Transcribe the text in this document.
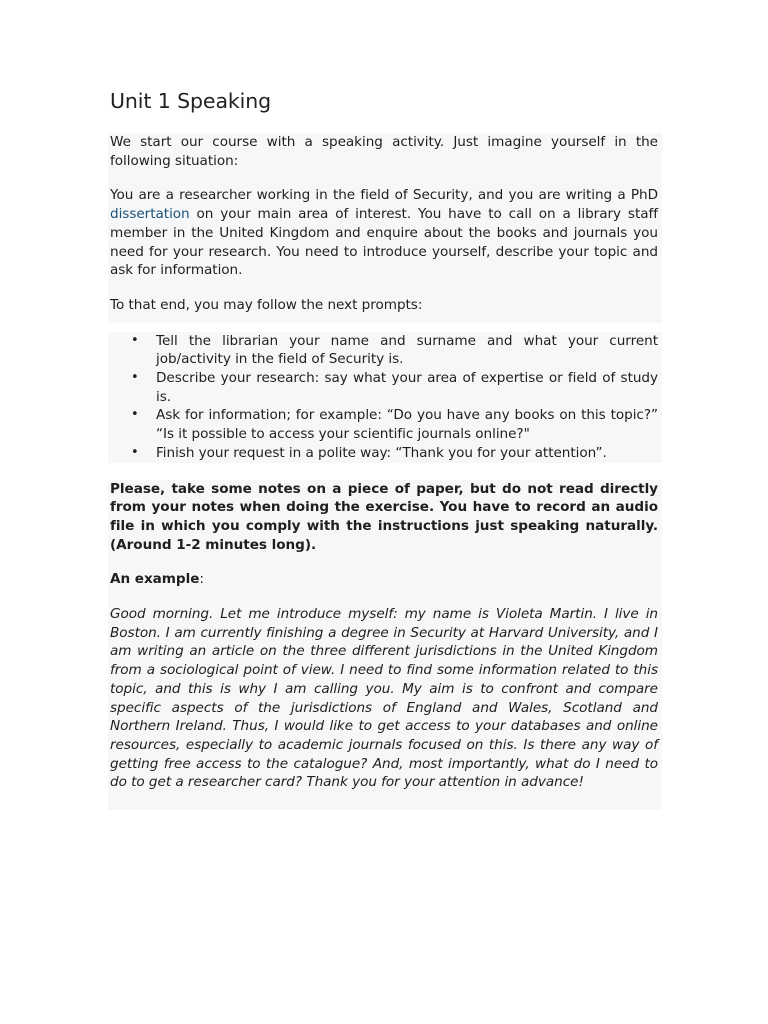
Unit 1 Speaking

We start our course with a speaking activity. Just imagine yourself in the following situation:

You are a researcher working in the field of Security, and you are writing a PhD dissertation on your main area of interest. You have to call on a library staff member in the United Kingdom and enquire about the books and journals you need for your research. You need to introduce yourself, describe your topic and ask for information.

To that end, you may follow the next prompts:

• Tell the librarian your name and surname and what your current job/activity in the field of Security is.
• Describe your research: say what your area of expertise or field of study is.
• Ask for information; for example: “Do you have any books on this topic?” “Is it possible to access your scientific journals online?"
• Finish your request in a polite way: “Thank you for your attention”.

Please, take some notes on a piece of paper, but do not read directly from your notes when doing the exercise. You have to record an audio file in which you comply with the instructions just speaking naturally. (Around 1-2 minutes long).

An example:

Good morning. Let me introduce myself: my name is Violeta Martin. I live in Boston. I am currently finishing a degree in Security at Harvard University, and I am writing an article on the three different jurisdictions in the United Kingdom from a sociological point of view. I need to find some information related to this topic, and this is why I am calling you. My aim is to confront and compare specific aspects of the jurisdictions of England and Wales, Scotland and Northern Ireland. Thus, I would like to get access to your databases and online resources, especially to academic journals focused on this. Is there any way of getting free access to the catalogue? And, most importantly, what do I need to do to get a researcher card? Thank you for your attention in advance!
